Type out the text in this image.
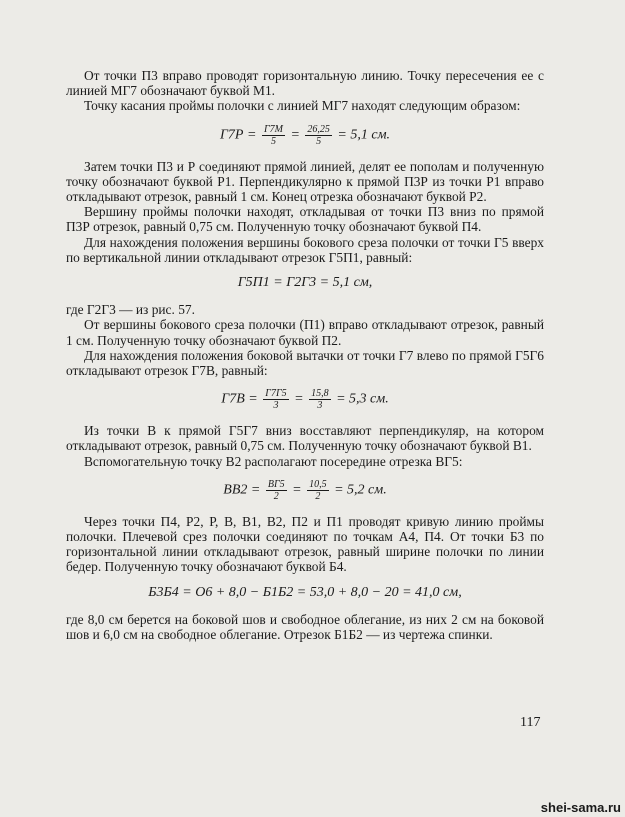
От точки П3 вправо проводят горизонтальную линию. Точку пересечения ее с линией МГ7 обозначают буквой М1.

Точку касания проймы полочки с линией МГ7 находят следующим образом:

$Г7Р = \frac{Г7М}{5} = \frac{26,25}{5} = 5,1$ см.

Затем точки П3 и Р соединяют прямой линией, делят ее пополам и полученную точку обозначают буквой Р1. Перпендикулярно к прямой П3Р из точки Р1 вправо откладывают отрезок, равный 1 см. Конец отрезка обозначают буквой Р2.

Вершину проймы полочки находят, откладывая от точки П3 вниз по прямой П3Р отрезок, равный 0,75 см. Полученную точку обозначают буквой П4.

Для нахождения положения вершины бокового среза полочки от точки Г5 вверх по вертикальной линии откладывают отрезок Г5П1, равный:

Г5П1 = Г2Г3 = 5,1 см,

где Г2Г3 — из рис. 57.

От вершины бокового среза полочки (П1) вправо откладывают отрезок, равный 1 см. Полученную точку обозначают буквой П2.

Для нахождения положения боковой вытачки от точки Г7 влево по прямой Г5Г6 откладывают отрезок Г7В, равный:

$Г7В = \frac{Г7Г5}{3} = \frac{15,8}{3} = 5,3$ см.

Из точки В к прямой Г5Г7 вниз восставляют перпендикуляр, на котором откладывают отрезок, равный 0,75 см. Полученную точку обозначают буквой В1.

Вспомогательную точку В2 располагают посередине отрезка ВГ5:

$ВВ2 = \frac{ВГ5}{2} = \frac{10,5}{2} = 5,2$ см.

Через точки П4, Р2, Р, В, В1, В2, П2 и П1 проводят кривую линию проймы полочки. Плечевой срез полочки соединяют по точкам А4, П4. От точки Б3 по горизонтальной линии откладывают отрезок, равный ширине полочки по линии бедер. Полученную точку обозначают буквой Б4.

Б3Б4 = О6 + 8,0 − Б1Б2 = 53,0 + 8,0 − 20 = 41,0 см,

где 8,0 см берется на боковой шов и свободное облегание, из них 2 см на боковой шов и 6,0 см на свободное облегание. Отрезок Б1Б2 — из чертежа спинки.

117
shei-sama.ru
